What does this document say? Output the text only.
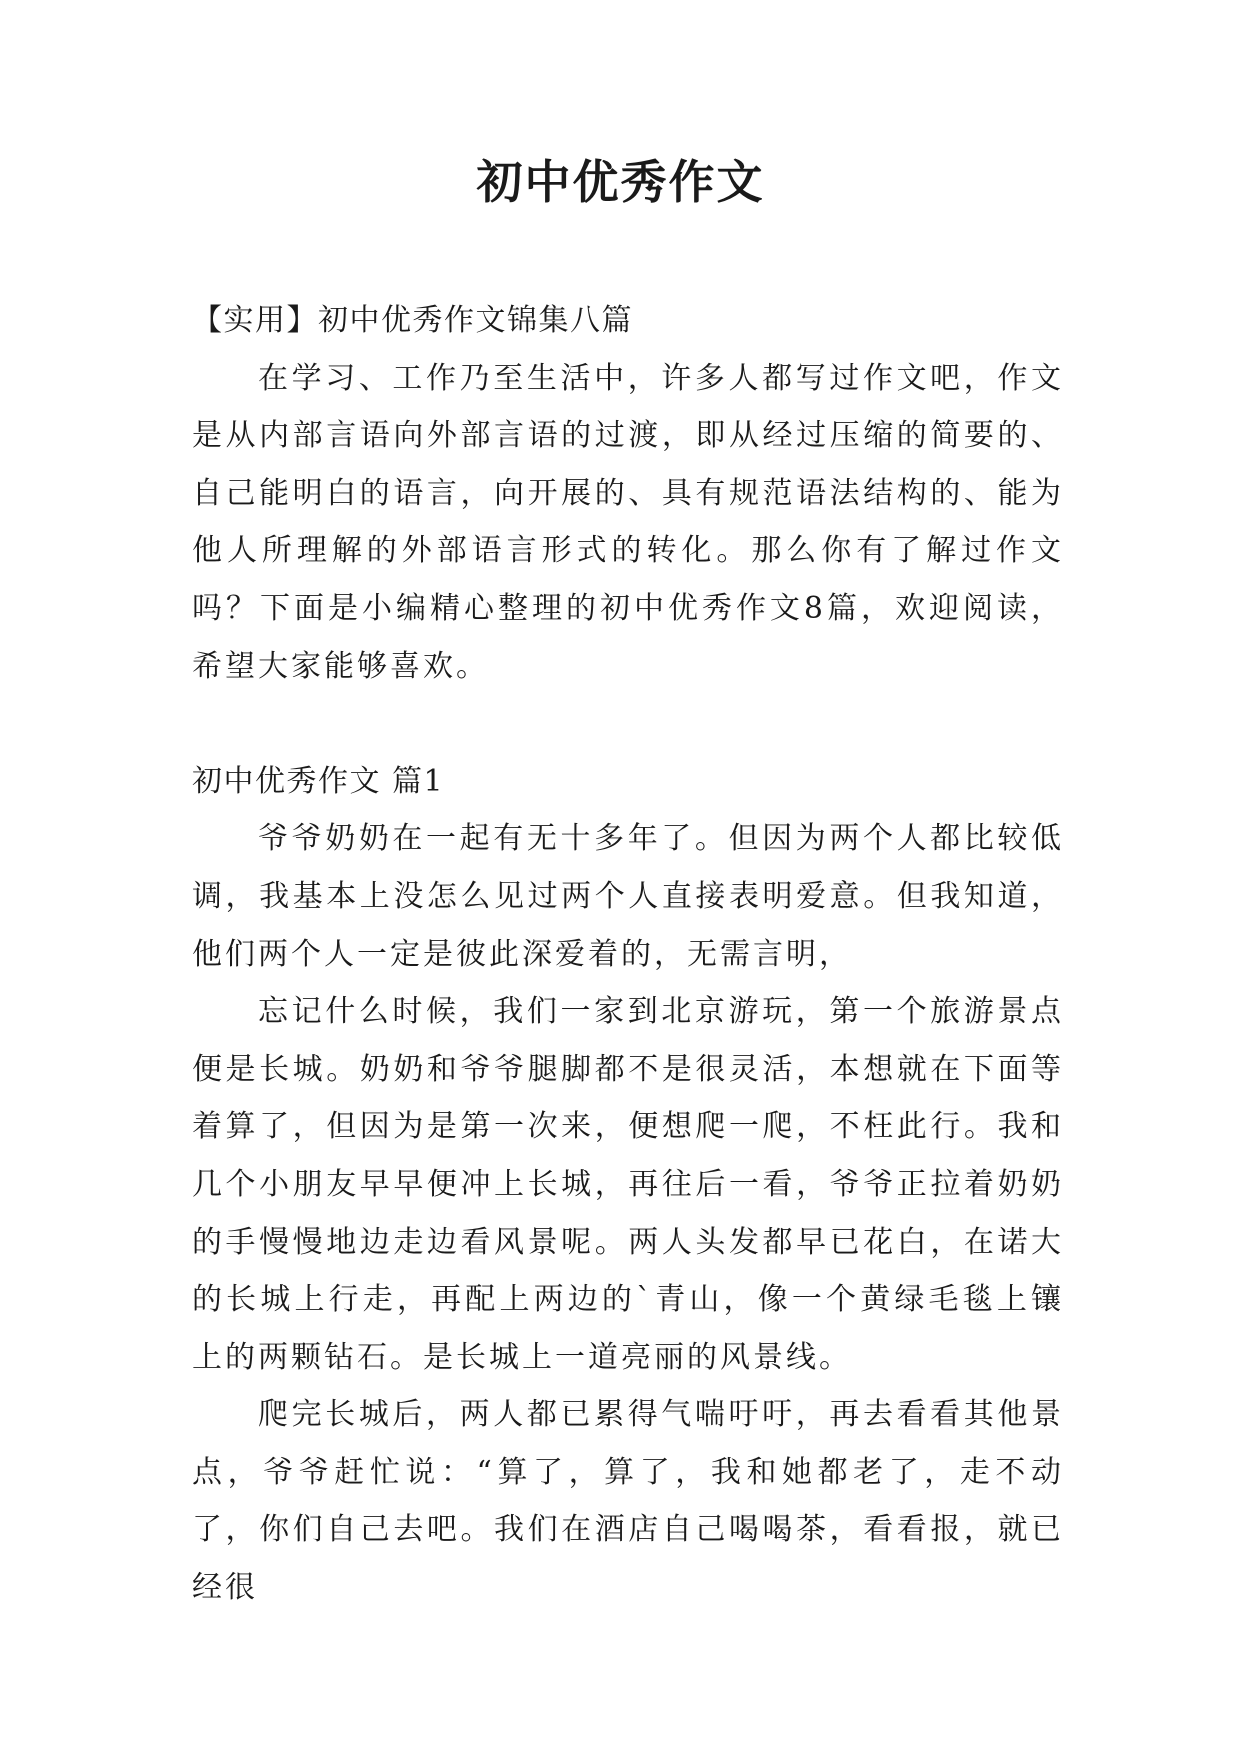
初中优秀作文

【实用】初中优秀作文锦集八篇

在学习、工作乃至生活中，许多人都写过作文吧，作文是从内部言语向外部言语的过渡，即从经过压缩的简要的、自己能明白的语言，向开展的、具有规范语法结构的、能为他人所理解的外部语言形式的转化。那么你有了解过作文吗？下面是小编精心整理的初中优秀作文8篇，欢迎阅读，希望大家能够喜欢。

初中优秀作文 篇1

爷爷奶奶在一起有无十多年了。但因为两个人都比较低调，我基本上没怎么见过两个人直接表明爱意。但我知道，他们两个人一定是彼此深爱着的，无需言明，

忘记什么时候，我们一家到北京游玩，第一个旅游景点便是长城。奶奶和爷爷腿脚都不是很灵活，本想就在下面等着算了，但因为是第一次来，便想爬一爬，不枉此行。我和几个小朋友早早便冲上长城，再往后一看，爷爷正拉着奶奶的手慢慢地边走边看风景呢。两人头发都早已花白，在诺大的长城上行走，再配上两边的`青山，像一个黄绿毛毯上镶上的两颗钻石。是长城上一道亮丽的风景线。

爬完长城后，两人都已累得气喘吁吁，再去看看其他景点，爷爷赶忙说：“算了，算了，我和她都老了，走不动了，你们自己去吧。我们在酒店自己喝喝茶，看看报，就已经很
